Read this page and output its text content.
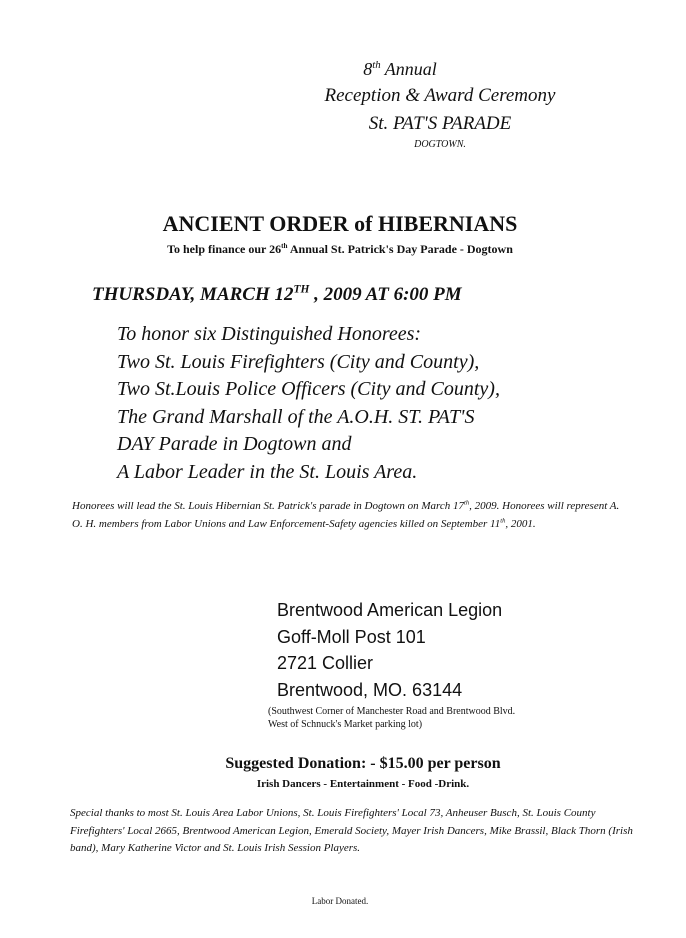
8th Annual
Reception & Award Ceremony
St. PAT'S PARADE
DOGTOWN.
ANCIENT ORDER of HIBERNIANS
To help finance our 26th Annual St. Patrick's Day Parade - Dogtown
THURSDAY, MARCH 12TH , 2009 AT 6:00 PM
To honor six Distinguished Honorees:
Two St. Louis Firefighters (City and County),
Two St.Louis Police Officers (City and County),
The Grand Marshall of the A.O.H. ST. PAT'S
DAY Parade in Dogtown and
A Labor Leader in the St. Louis Area.
Honorees will lead the St. Louis Hibernian St. Patrick's parade in Dogtown on March 17th, 2009. Honorees will represent A. O. H. members from Labor Unions and Law Enforcement-Safety agencies killed on September 11th, 2001.
Brentwood American Legion
Goff-Moll Post 101
2721 Collier
Brentwood, MO. 63144
(Southwest Corner of Manchester Road and Brentwood Blvd.
West of Schnuck's Market parking lot)
Suggested Donation: - $15.00 per person
Irish Dancers - Entertainment - Food -Drink.
Special thanks to most St. Louis Area Labor Unions, St. Louis Firefighters' Local 73, Anheuser Busch, St. Louis County Firefighters' Local 2665, Brentwood American Legion, Emerald Society, Mayer Irish Dancers, Mike Brassil, Black Thorn (Irish band), Mary Katherine Victor and St. Louis Irish Session Players.
Labor Donated.
